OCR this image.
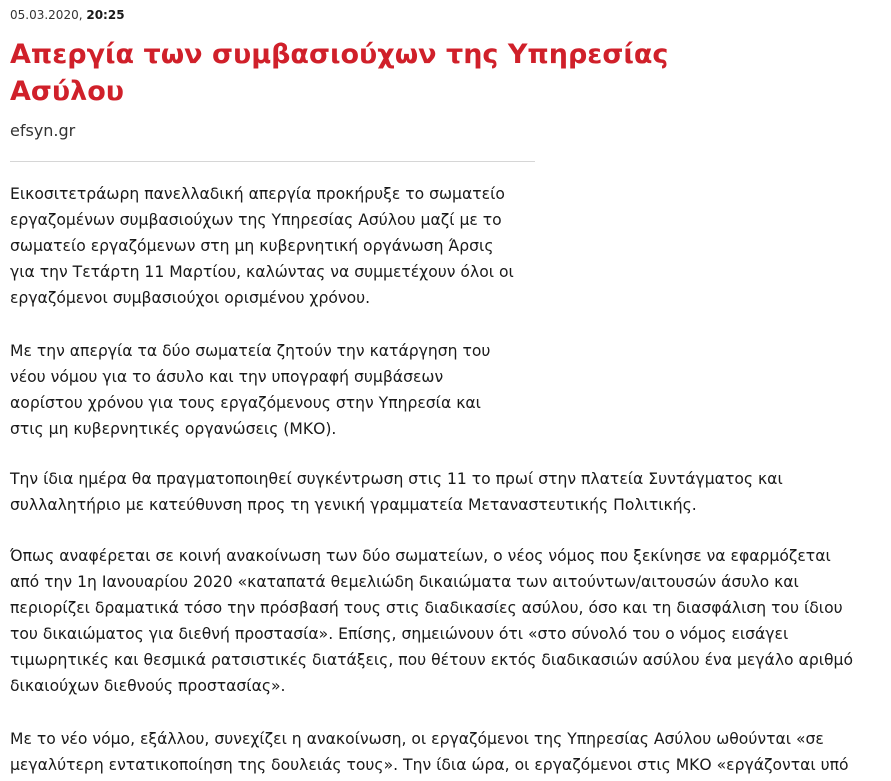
05.03.2020, 20:25
Απεργία των συμβασιούχων της Υπηρεσίας
Ασύλου
efsyn.gr

Εικοσιτετράωρη πανελλαδική απεργία προκήρυξε το σωματείο
εργαζομένων συμβασιούχων της Υπηρεσίας Ασύλου μαζί με το
σωματείο εργαζόμενων στη μη κυβερνητική οργάνωση Άρσις
για την Τετάρτη 11 Μαρτίου, καλώντας να συμμετέχουν όλοι οι
εργαζόμενοι συμβασιούχοι ορισμένου χρόνου.

Με την απεργία τα δύο σωματεία ζητούν την κατάργηση του
νέου νόμου για το άσυλο και την υπογραφή συμβάσεων
αορίστου χρόνου για τους εργαζόμενους στην Υπηρεσία και
στις μη κυβερνητικές οργανώσεις (ΜΚΟ).

Την ίδια ημέρα θα πραγματοποιηθεί συγκέντρωση στις 11 το πρωί στην πλατεία Συντάγματος και
συλλαλητήριο με κατεύθυνση προς τη γενική γραμματεία Μεταναστευτικής Πολιτικής.

Όπως αναφέρεται σε κοινή ανακοίνωση των δύο σωματείων, ο νέος νόμος που ξεκίνησε να εφαρμόζεται
από την 1η Ιανουαρίου 2020 «καταπατά θεμελιώδη δικαιώματα των αιτούντων/αιτουσών άσυλο και
περιορίζει δραματικά τόσο την πρόσβασή τους στις διαδικασίες ασύλου, όσο και τη διασφάλιση του ίδιου
του δικαιώματος για διεθνή προστασία». Επίσης, σημειώνουν ότι «στο σύνολό του ο νόμος εισάγει
τιμωρητικές και θεσμικά ρατσιστικές διατάξεις, που θέτουν εκτός διαδικασιών ασύλου ένα μεγάλο αριθμό
δικαιούχων διεθνούς προστασίας».

Με το νέο νόμο, εξάλλου, συνεχίζει η ανακοίνωση, οι εργαζόμενοι της Υπηρεσίας Ασύλου ωθούνται «σε
μεγαλύτερη εντατικοποίηση της δουλειάς τους». Την ίδια ώρα, οι εργαζόμενοι στις ΜΚΟ «εργάζονται υπό
